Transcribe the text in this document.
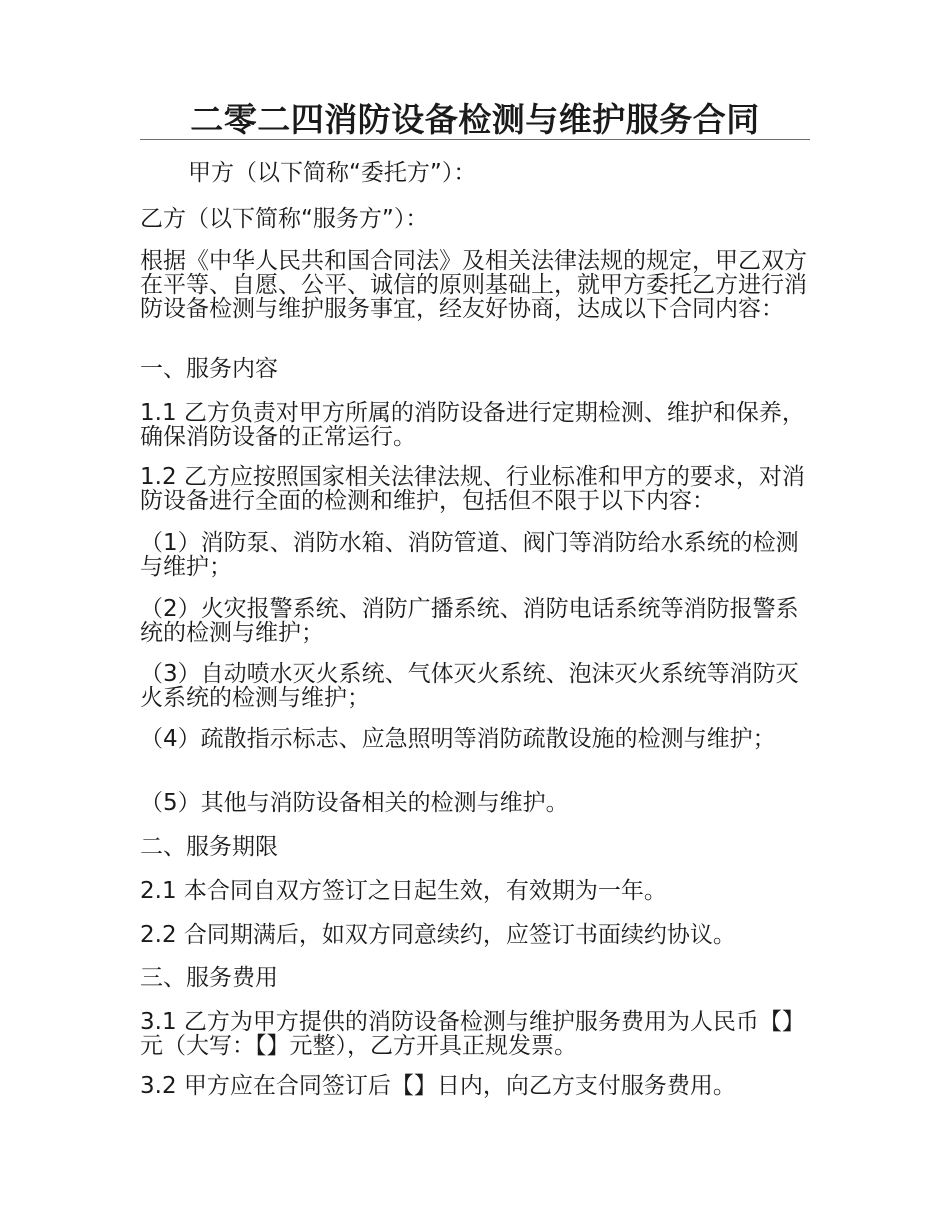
二零二四消防设备检测与维护服务合同

甲方（以下简称“委托方”）：

乙方（以下简称“服务方”）：

根据《中华人民共和国合同法》及相关法律法规的规定，甲乙双方在平等、自愿、公平、诚信的原则基础上，就甲方委托乙方进行消防设备检测与维护服务事宜，经友好协商，达成以下合同内容：

一、服务内容

1.1 乙方负责对甲方所属的消防设备进行定期检测、维护和保养，确保消防设备的正常运行。

1.2 乙方应按照国家相关法律法规、行业标准和甲方的要求，对消防设备进行全面的检测和维护，包括但不限于以下内容：

（1）消防泵、消防水箱、消防管道、阀门等消防给水系统的检测与维护；

（2）火灾报警系统、消防广播系统、消防电话系统等消防报警系统的检测与维护；

（3）自动喷水灭火系统、气体灭火系统、泡沫灭火系统等消防灭火系统的检测与维护；

（4）疏散指示标志、应急照明等消防疏散设施的检测与维护；

（5）其他与消防设备相关的检测与维护。

二、服务期限

2.1 本合同自双方签订之日起生效，有效期为一年。

2.2 合同期满后，如双方同意续约，应签订书面续约协议。

三、服务费用

3.1 乙方为甲方提供的消防设备检测与维护服务费用为人民币【】元（大写：【】元整），乙方开具正规发票。

3.2 甲方应在合同签订后【】日内，向乙方支付服务费用。
